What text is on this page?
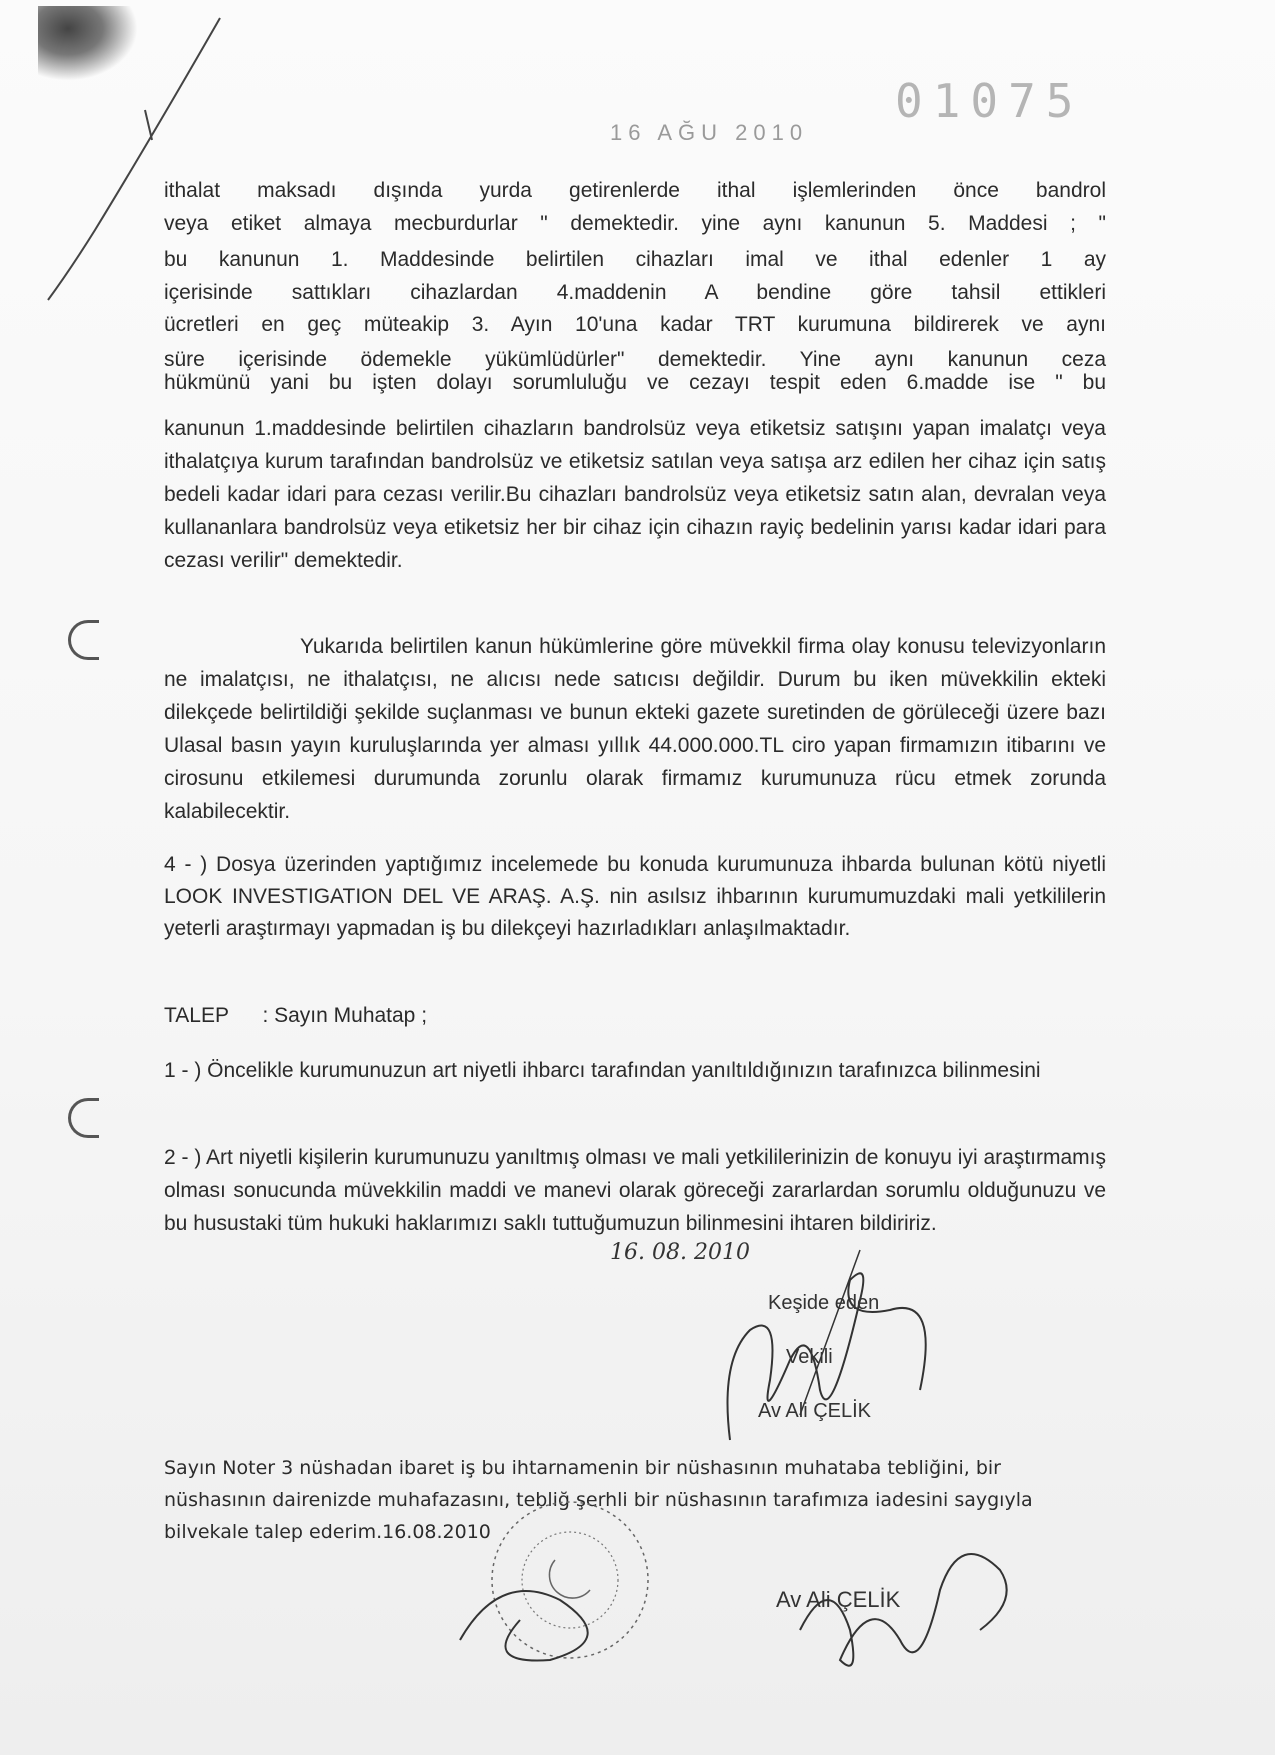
16 AĞU 2010
01075

ithalat maksadı dışında yurda getirenlerde ithal işlemlerinden önce bandrol

veya etiket almaya mecburdurlar " demektedir. yine aynı kanunun 5. Maddesi ; "

bu kanunun 1. Maddesinde belirtilen cihazları imal ve ithal edenler 1 ay

içerisinde sattıkları cihazlardan 4.maddenin A bendine göre tahsil ettikleri

ücretleri en geç müteakip 3. Ayın 10'una kadar TRT kurumuna bildirerek ve aynı

süre içerisinde ödemekle yükümlüdürler" demektedir. Yine aynı kanunun ceza

hükmünü yani bu işten dolayı sorumluluğu ve cezayı tespit eden 6.madde ise " bu

kanunun 1.maddesinde belirtilen cihazların bandrolsüz veya etiketsiz satışını yapan imalatçı veya ithalatçıya kurum tarafından bandrolsüz ve etiketsiz satılan veya satışa arz edilen her cihaz için satış bedeli kadar idari para cezası verilir.Bu cihazları bandrolsüz veya etiketsiz satın alan, devralan veya kullananlara bandrolsüz veya etiketsiz her bir cihaz için cihazın rayiç bedelinin yarısı kadar idari para cezası verilir" demektedir.

Yukarıda belirtilen kanun hükümlerine göre müvekkil firma olay konusu televizyonların ne imalatçısı, ne ithalatçısı, ne alıcısı nede satıcısı değildir. Durum bu iken müvekkilin ekteki dilekçede belirtildiği şekilde suçlanması ve bunun ekteki gazete suretinden de görüleceği üzere bazı Ulasal basın yayın kuruluşlarında yer alması yıllık 44.000.000.TL ciro yapan firmamızın itibarını ve cirosunu etkilemesi durumunda zorunlu olarak firmamız kurumunuza rücu etmek zorunda kalabilecektir.

4 - ) Dosya üzerinden yaptığımız incelemede bu konuda kurumunuza ihbarda bulunan kötü niyetli LOOK INVESTIGATION DEL VE ARAŞ. A.Ş. nin asılsız ihbarının kurumumuzdaki mali yetkililerin yeterli araştırmayı yapmadan iş bu dilekçeyi hazırladıkları anlaşılmaktadır.

TALEP : Sayın Muhatap ;

1 - ) Öncelikle kurumunuzun art niyetli ihbarcı tarafından yanıltıldığınızın tarafınızca bilinmesini

2 - ) Art niyetli kişilerin kurumunuzu yanıltmış olması ve mali yetkililerinizin de konuyu iyi araştırmamış olması sonucunda müvekkilin maddi ve manevi olarak göreceği zararlardan sorumlu olduğunuzu ve bu husustaki tüm hukuki haklarımızı saklı tuttuğumuzun bilinmesini ihtaren bildiririz.

16. 08. 2010
Keşide eden
Vekili
Av Ali ÇELİK
Sayın Noter 3 nüshadan ibaret iş bu ihtarnamenin bir nüshasının muhataba tebliğini, bir nüshasının dairenizde muhafazasını, tebliğ şerhli bir nüshasının tarafımıza iadesini saygıyla bilvekale talep ederim.16.08.2010
Av Ali ÇELİK
